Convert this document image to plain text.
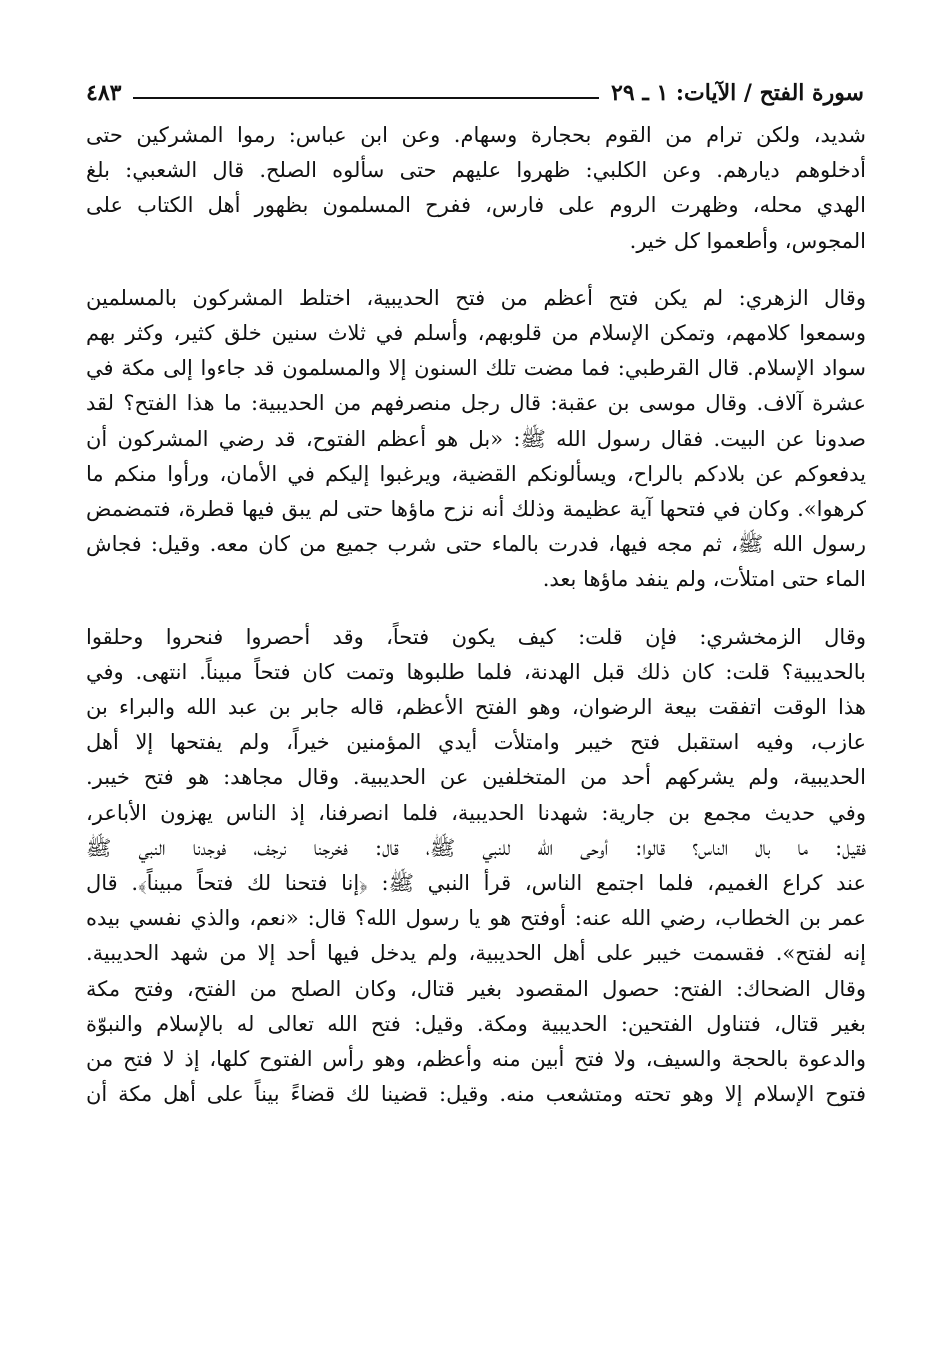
سورة الفتح / الآيات: ١ ـ ٢٩
٤٨٣

شديد، ولكن ترام من القوم بحجارة وسهام. وعن ابن عباس: رموا المشركين حتى
أدخلوهم ديارهم. وعن الكلبي: ظهروا عليهم حتى سألوه الصلح. قال الشعبي: بلغ
الهدي محله، وظهرت الروم على فارس، ففرح المسلمون بظهور أهل الكتاب على
المجوس، وأطعموا كل خير.

وقال الزهري: لم يكن فتح أعظم من فتح الحديبية، اختلط المشركون بالمسلمين
وسمعوا كلامهم، وتمكن الإسلام من قلوبهم، وأسلم في ثلاث سنين خلق كثير، وكثر بهم
سواد الإسلام. قال القرطبي: فما مضت تلك السنون إلا والمسلمون قد جاءوا إلى مكة في
عشرة آلاف. وقال موسى بن عقبة: قال رجل منصرفهم من الحديبية: ما هذا الفتح؟ لقد
صدونا عن البيت. فقال رسول الله ﷺ: «بل هو أعظم الفتوح، قد رضي المشركون أن
يدفعوكم عن بلادكم بالراح، ويسألونكم القضية، ويرغبوا إليكم في الأمان، ورأوا منكم ما
كرهوا». وكان في فتحها آية عظيمة وذلك أنه نزح ماؤها حتى لم يبق فيها قطرة، فتمضمض
رسول الله ﷺ، ثم مجه فيها، فدرت بالماء حتى شرب جميع من كان معه. وقيل: فجاش
الماء حتى امتلأت، ولم ينفد ماؤها بعد.

وقال الزمخشري: فإن قلت: كيف يكون فتحاً، وقد أحصروا فنحروا وحلقوا
بالحديبية؟ قلت: كان ذلك قبل الهدنة، فلما طلبوها وتمت كان فتحاً مبيناً. انتهى. وفي
هذا الوقت اتفقت بيعة الرضوان، وهو الفتح الأعظم، قاله جابر بن عبد الله والبراء بن
عازب، وفيه استقبل فتح خيبر وامتلأت أيدي المؤمنين خيراً، ولم يفتحها إلا أهل
الحديبية، ولم يشركهم أحد من المتخلفين عن الحديبية. وقال مجاهد: هو فتح خيبر.
وفي حديث مجمع بن جارية: شهدنا الحديبية، فلما انصرفنا، إذ الناس يهزون الأباعر،
فقيل: ما بال الناس؟ قالوا: أوحى الله للنبي ﷺ، قال: فخرجنا نرجف، فوجدنا النبي ﷺ
عند كراع الغميم، فلما اجتمع الناس، قرأ النبي ﷺ: ﴿إنا فتحنا لك فتحاً مبيناً﴾. قال
عمر بن الخطاب، رضي الله عنه: أوفتح هو يا رسول الله؟ قال: «نعم، والذي نفسي بيده
إنه لفتح». فقسمت خيبر على أهل الحديبية، ولم يدخل فيها أحد إلا من شهد الحديبية.
وقال الضحاك: الفتح: حصول المقصود بغير قتال، وكان الصلح من الفتح، وفتح مكة
بغير قتال، فتناول الفتحين: الحديبية ومكة. وقيل: فتح الله تعالى له بالإسلام والنبوّة
والدعوة بالحجة والسيف، ولا فتح أبين منه وأعظم، وهو رأس الفتوح كلها، إذ لا فتح من
فتوح الإسلام إلا وهو تحته ومتشعب منه. وقيل: قضينا لك قضاءً بيناً على أهل مكة أن
